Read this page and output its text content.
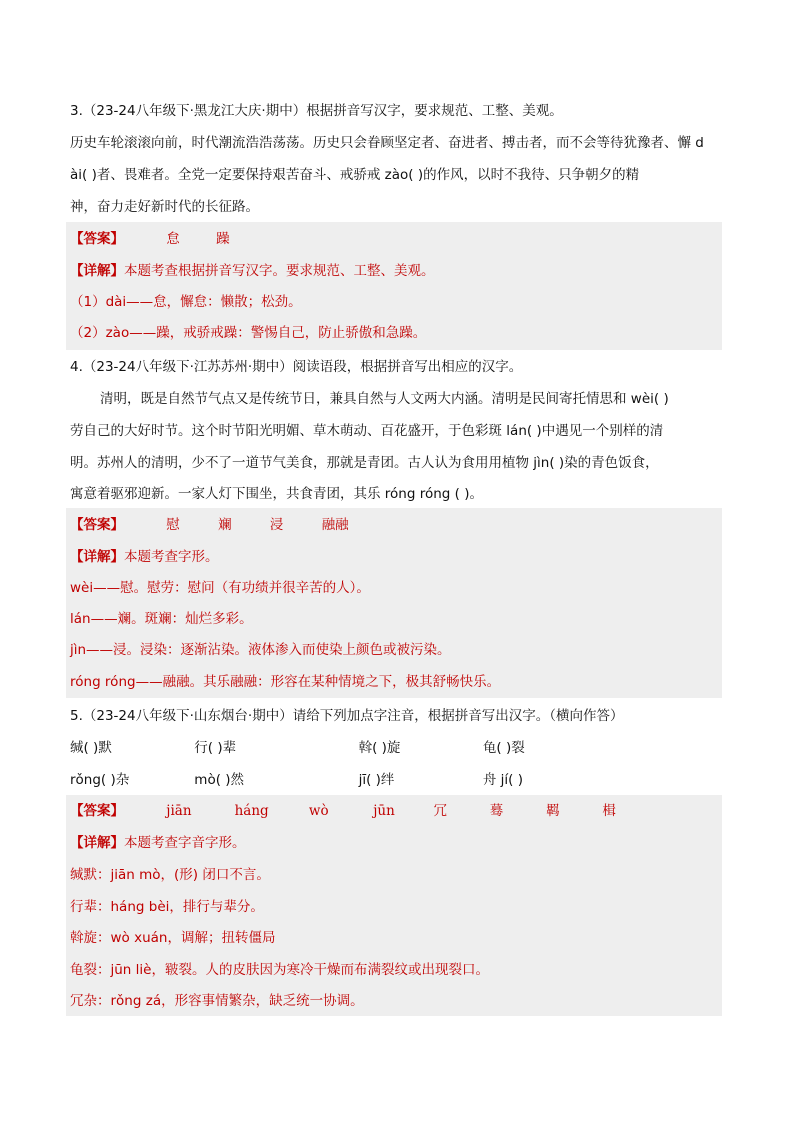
3.（23-24八年级下·黑龙江大庆·期中）根据拼音写汉字，要求规范、工整、美观。
历史车轮滚滚向前，时代潮流浩浩荡荡。历史只会眷顾坚定者、奋进者、搏击者，而不会等待犹豫者、懈 d
ài( )者、畏难者。全党一定要保持艰苦奋斗、戒骄戒 zào( )的作风，以时不我待、只争朝夕的精
神，奋力走好新时代的长征路。
【答案】	怠	躁
【详解】本题考查根据拼音写汉字。要求规范、工整、美观。
（1）dài——怠，懈怠：懒散；松劲。
（2）zào——躁，戒骄戒躁：警惕自己，防止骄傲和急躁。
4.（23-24八年级下·江苏苏州·期中）阅读语段，根据拼音写出相应的汉字。
清明，既是自然节气点又是传统节日，兼具自然与人文两大内涵。清明是民间寄托情思和 wèi( )
劳自己的大好时节。这个时节阳光明媚、草木萌动、百花盛开，于色彩斑 lán( )中遇见一个别样的清
明。苏州人的清明，少不了一道节气美食，那就是青团。古人认为食用用植物 jìn( )染的青色饭食，
寓意着驱邪迎新。一家人灯下围坐，共食青团，其乐 róng róng ( )。
【答案】	慰	斓	浸	融融
【详解】本题考查字形。
wèi——慰。慰劳：慰问（有功绩并很辛苦的人）。
lán——斓。斑斓：灿烂多彩。
jìn——浸。浸染：逐渐沾染。液体渗入而使染上颜色或被污染。
róng róng——融融。其乐融融：形容在某种情境之下，极其舒畅快乐。
5.（23-24八年级下·山东烟台·期中）请给下列加点字注音，根据拼音写出汉字。（横向作答）
缄( )默	行( )辈	斡( )旋	龟( )裂
rǒng( )杂	mò( )然	jī( )绊	舟 jí( )
【答案】	jiān	háng	wò	jūn	冗	蓦	羁	楫
【详解】本题考查字音字形。
缄默：jiān mò，(形) 闭口不言。
行辈：háng bèi，排行与辈分。
斡旋：wò xuán，调解；扭转僵局
龟裂：jūn liè，皲裂。人的皮肤因为寒冷干燥而布满裂纹或出现裂口。
冗杂：rǒng zá，形容事情繁杂，缺乏统一协调。
